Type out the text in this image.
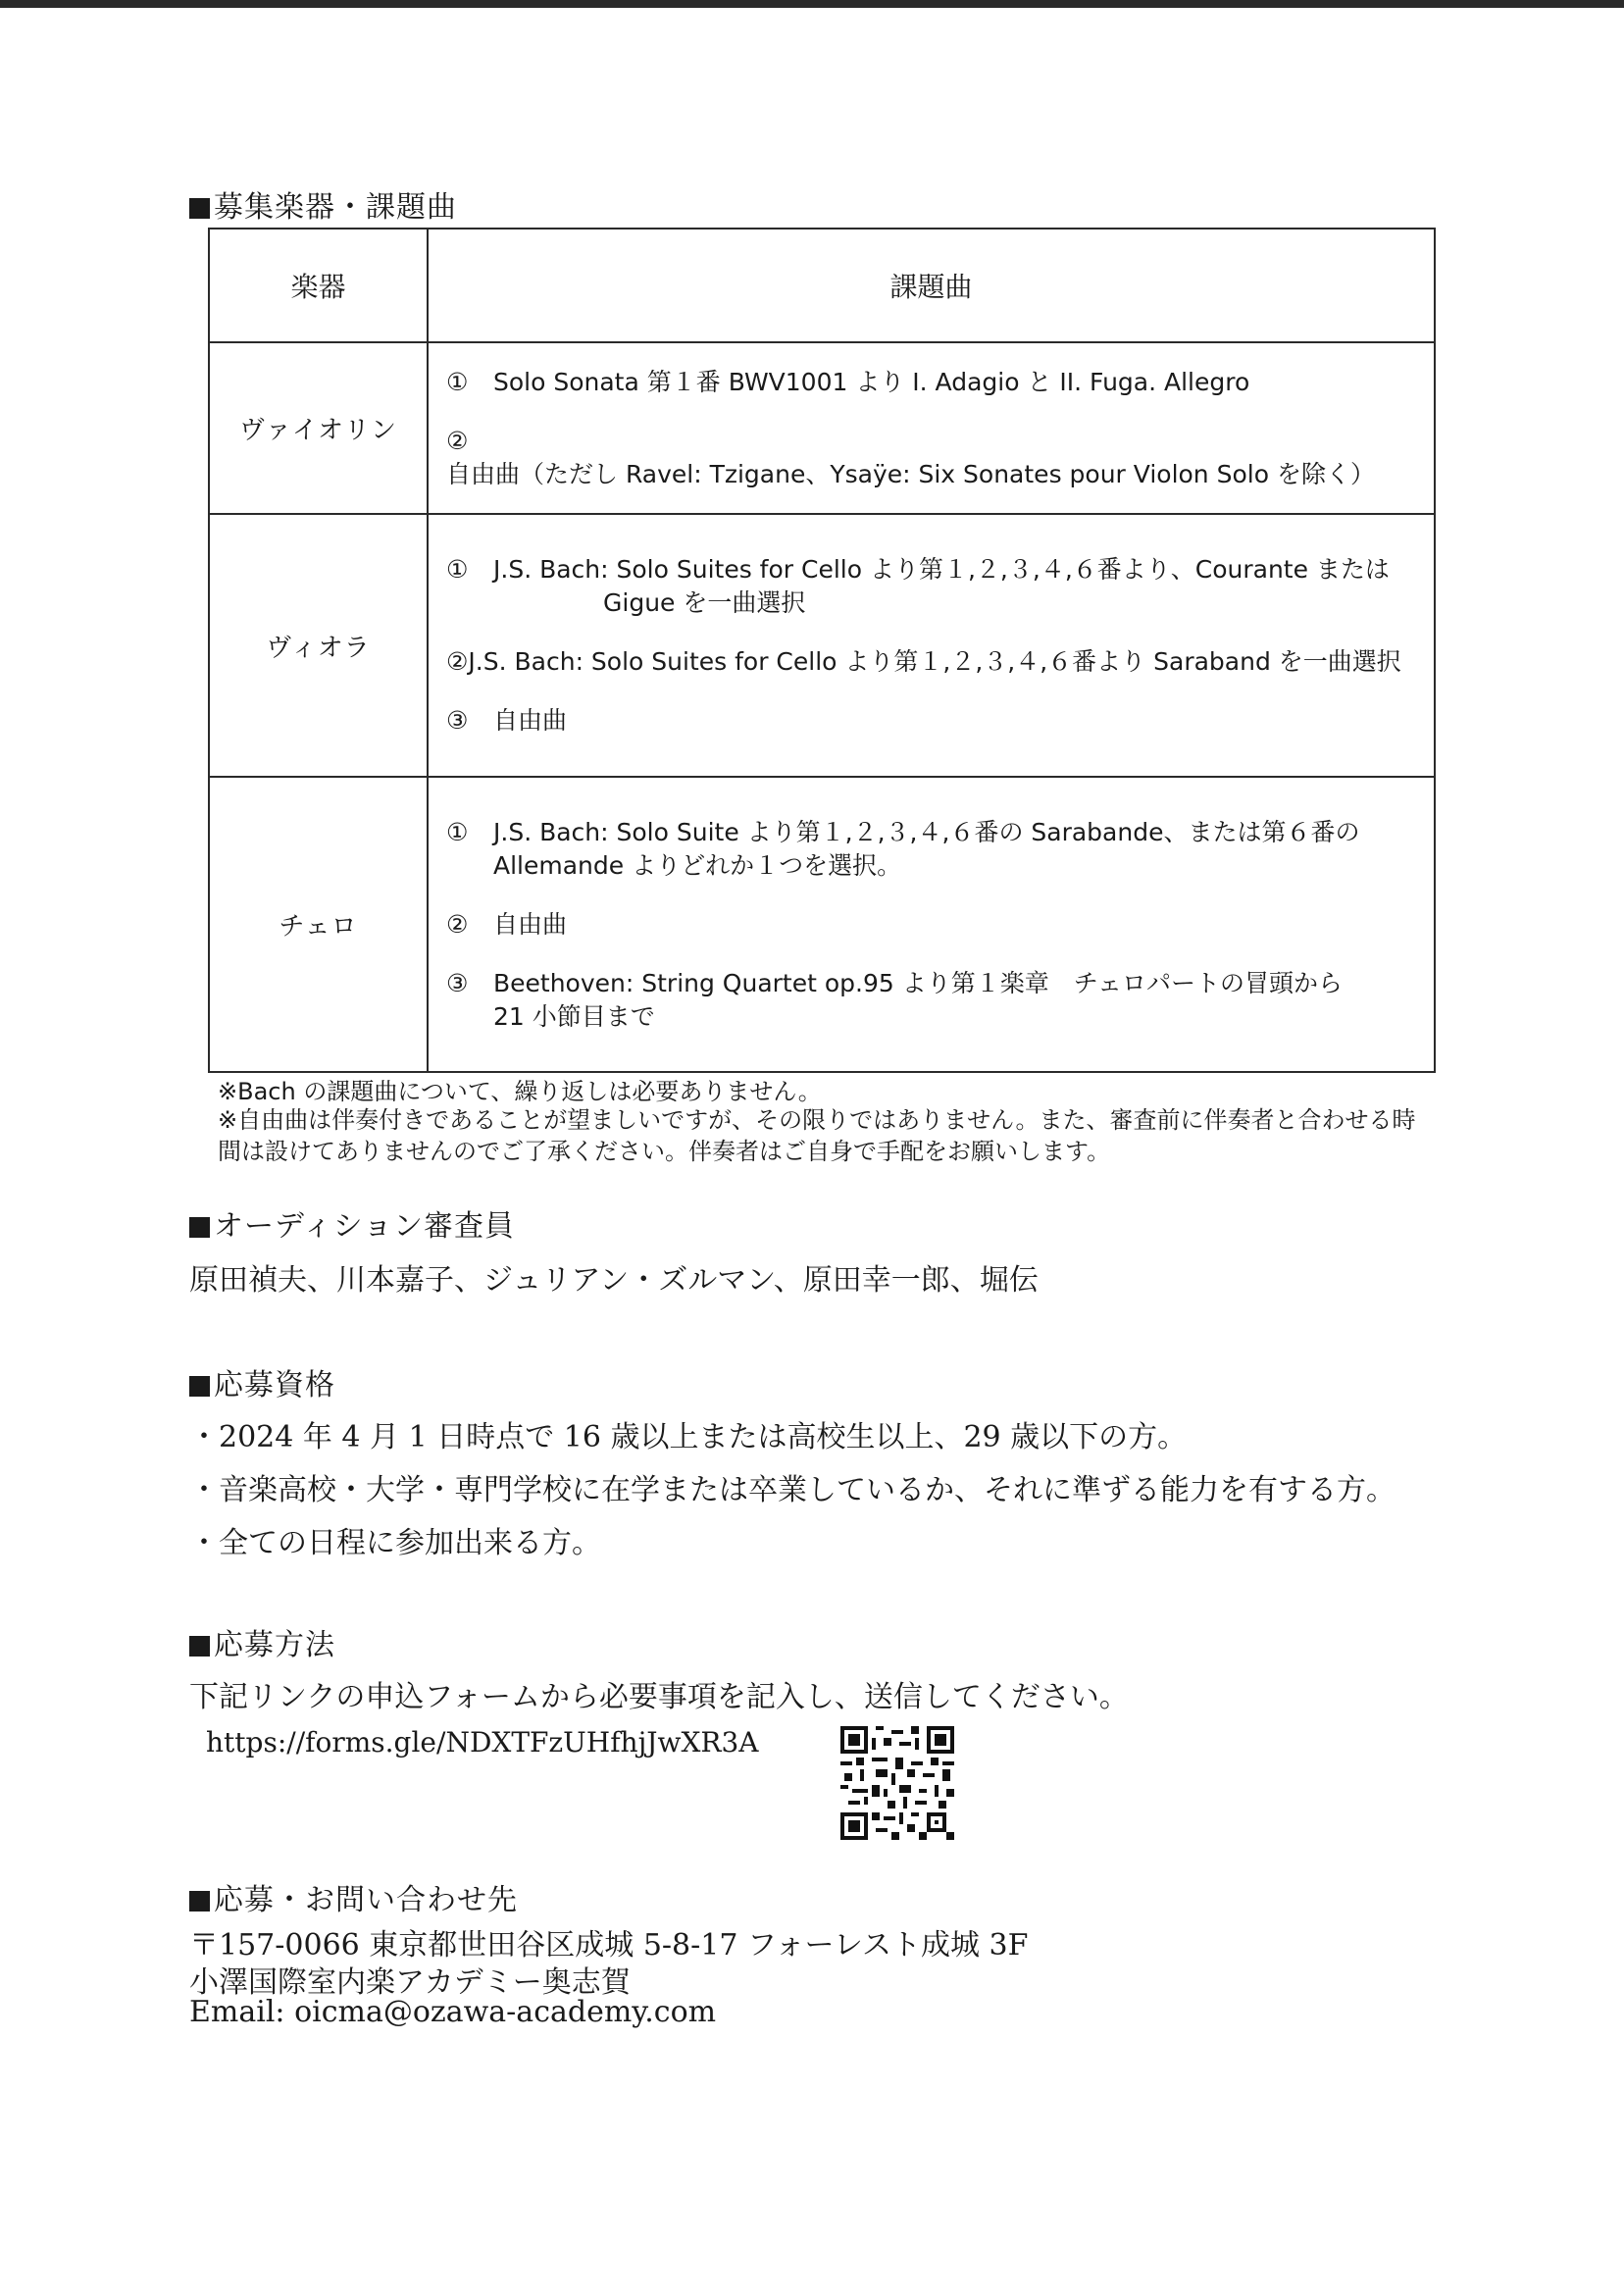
募集楽器・課題曲
楽器	課題曲
ヴァイオリン	① Solo Sonata 第１番 BWV1001 より I. Adagio と II. Fuga. Allegro

②自由曲（ただし Ravel: Tzigane、Ysaÿe: Six Sonates pour Violon Solo を除く）

ヴィオラ	① J.S. Bach: Solo Suites for Cello より第１,２,３,４,６番より、Courante または
Gigue を一曲選択

②J.S. Bach: Solo Suites for Cello より第１,２,３,４,６番より Saraband を一曲選択

③ 自由曲

チェロ	① J.S. Bach: Solo Suite より第１,２,３,４,６番の Sarabande、または第６番の
Allemande よりどれか１つを選択。

② 自由曲

③ Beethoven: String Quartet op.95 より第１楽章　チェロパートの冒頭から
21 小節目まで

※Bach の課題曲について、繰り返しは必要ありません。
※自由曲は伴奏付きであることが望ましいですが、その限りではありません。また、審査前に伴奏者と合わせる時間は設けてありませんのでご了承ください。伴奏者はご自身で手配をお願いします。
オーディション審査員

原田禎夫、川本嘉子、ジュリアン・ズルマン、原田幸一郎、堀伝

応募資格

・2024 年 4 月 1 日時点で 16 歳以上または高校生以上、29 歳以下の方。

・音楽高校・大学・専門学校に在学または卒業しているか、それに準ずる能力を有する方。

・全ての日程に参加出来る方。

応募方法

下記リンクの申込フォームから必要事項を記入し、送信してください。

https://forms.gle/NDXTFzUHfhjJwXR3A

応募・お問い合わせ先

〒157-0066 東京都世田谷区成城 5-8-17 フォーレスト成城 3F

小澤国際室内楽アカデミー奥志賀

Email: oicma@ozawa-academy.com
